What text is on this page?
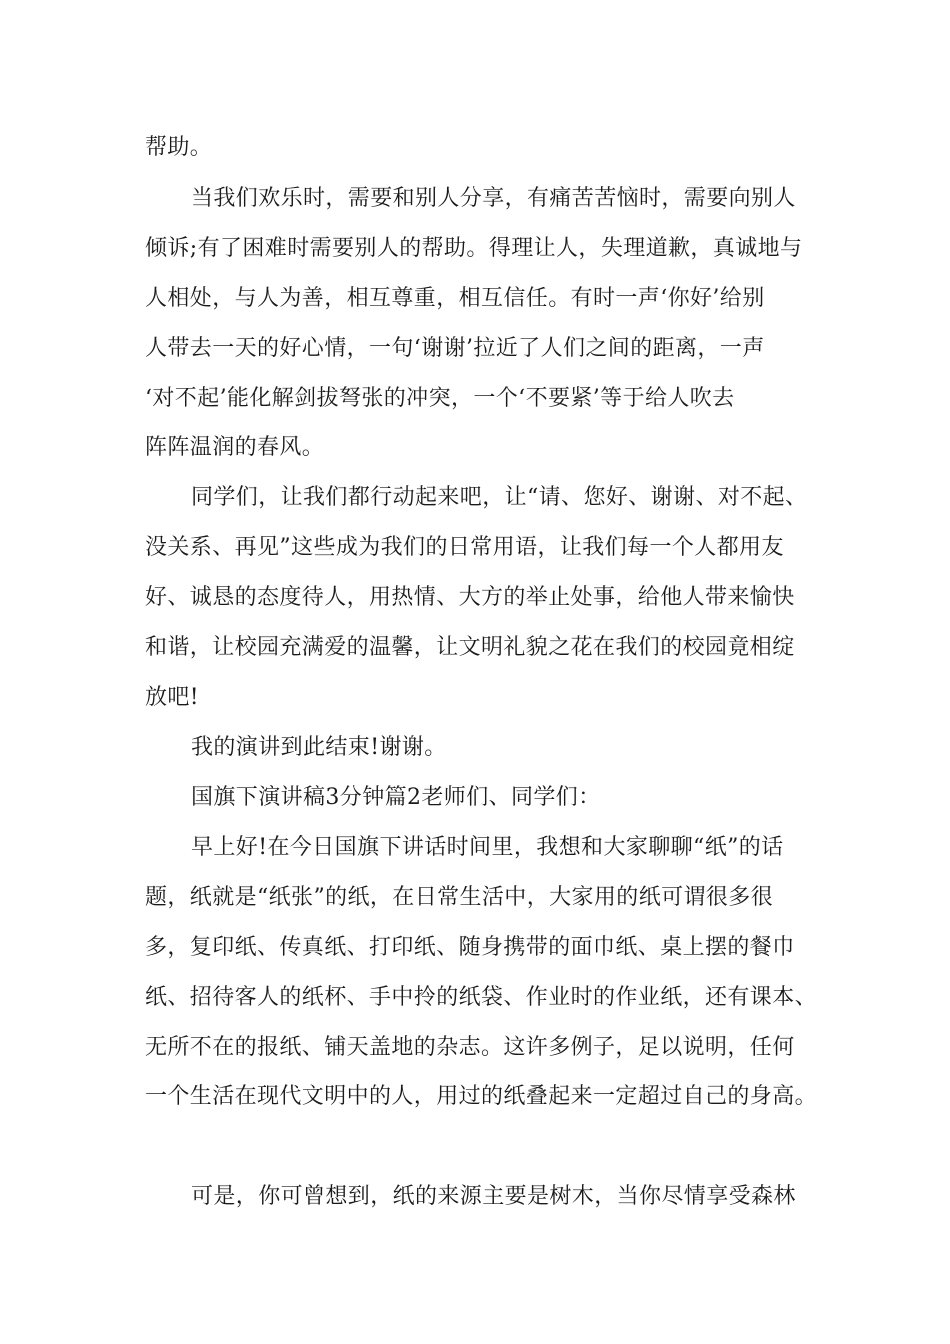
帮助。
当我们欢乐时，需要和别人分享，有痛苦苦恼时，需要向别人
倾诉;有了困难时需要别人的帮助。得理让人，失理道歉，真诚地与
人相处，与人为善，相互尊重，相互信任。有时一声‘你好’给别
人带去一天的好心情，一句‘谢谢’拉近了人们之间的距离，一声
‘对不起’能化解剑拔弩张的冲突，一个‘不要紧’等于给人吹去
阵阵温润的春风。
同学们，让我们都行动起来吧，让“请、您好、谢谢、对不起、
没关系、再见”这些成为我们的日常用语，让我们每一个人都用友
好、诚恳的态度待人，用热情、大方的举止处事，给他人带来愉快
和谐，让校园充满爱的温馨，让文明礼貌之花在我们的校园竟相绽
放吧!
我的演讲到此结束!谢谢。
国旗下演讲稿3分钟篇2老师们、同学们：
早上好!在今日国旗下讲话时间里，我想和大家聊聊“纸”的话
题，纸就是“纸张”的纸，在日常生活中，大家用的纸可谓很多很
多，复印纸、传真纸、打印纸、随身携带的面巾纸、桌上摆的餐巾
纸、招待客人的纸杯、手中拎的纸袋、作业时的作业纸，还有课本、
无所不在的报纸、铺天盖地的杂志。这许多例子，足以说明，任何
一个生活在现代文明中的人，用过的纸叠起来一定超过自己的身高。
可是，你可曾想到，纸的来源主要是树木，当你尽情享受森林
